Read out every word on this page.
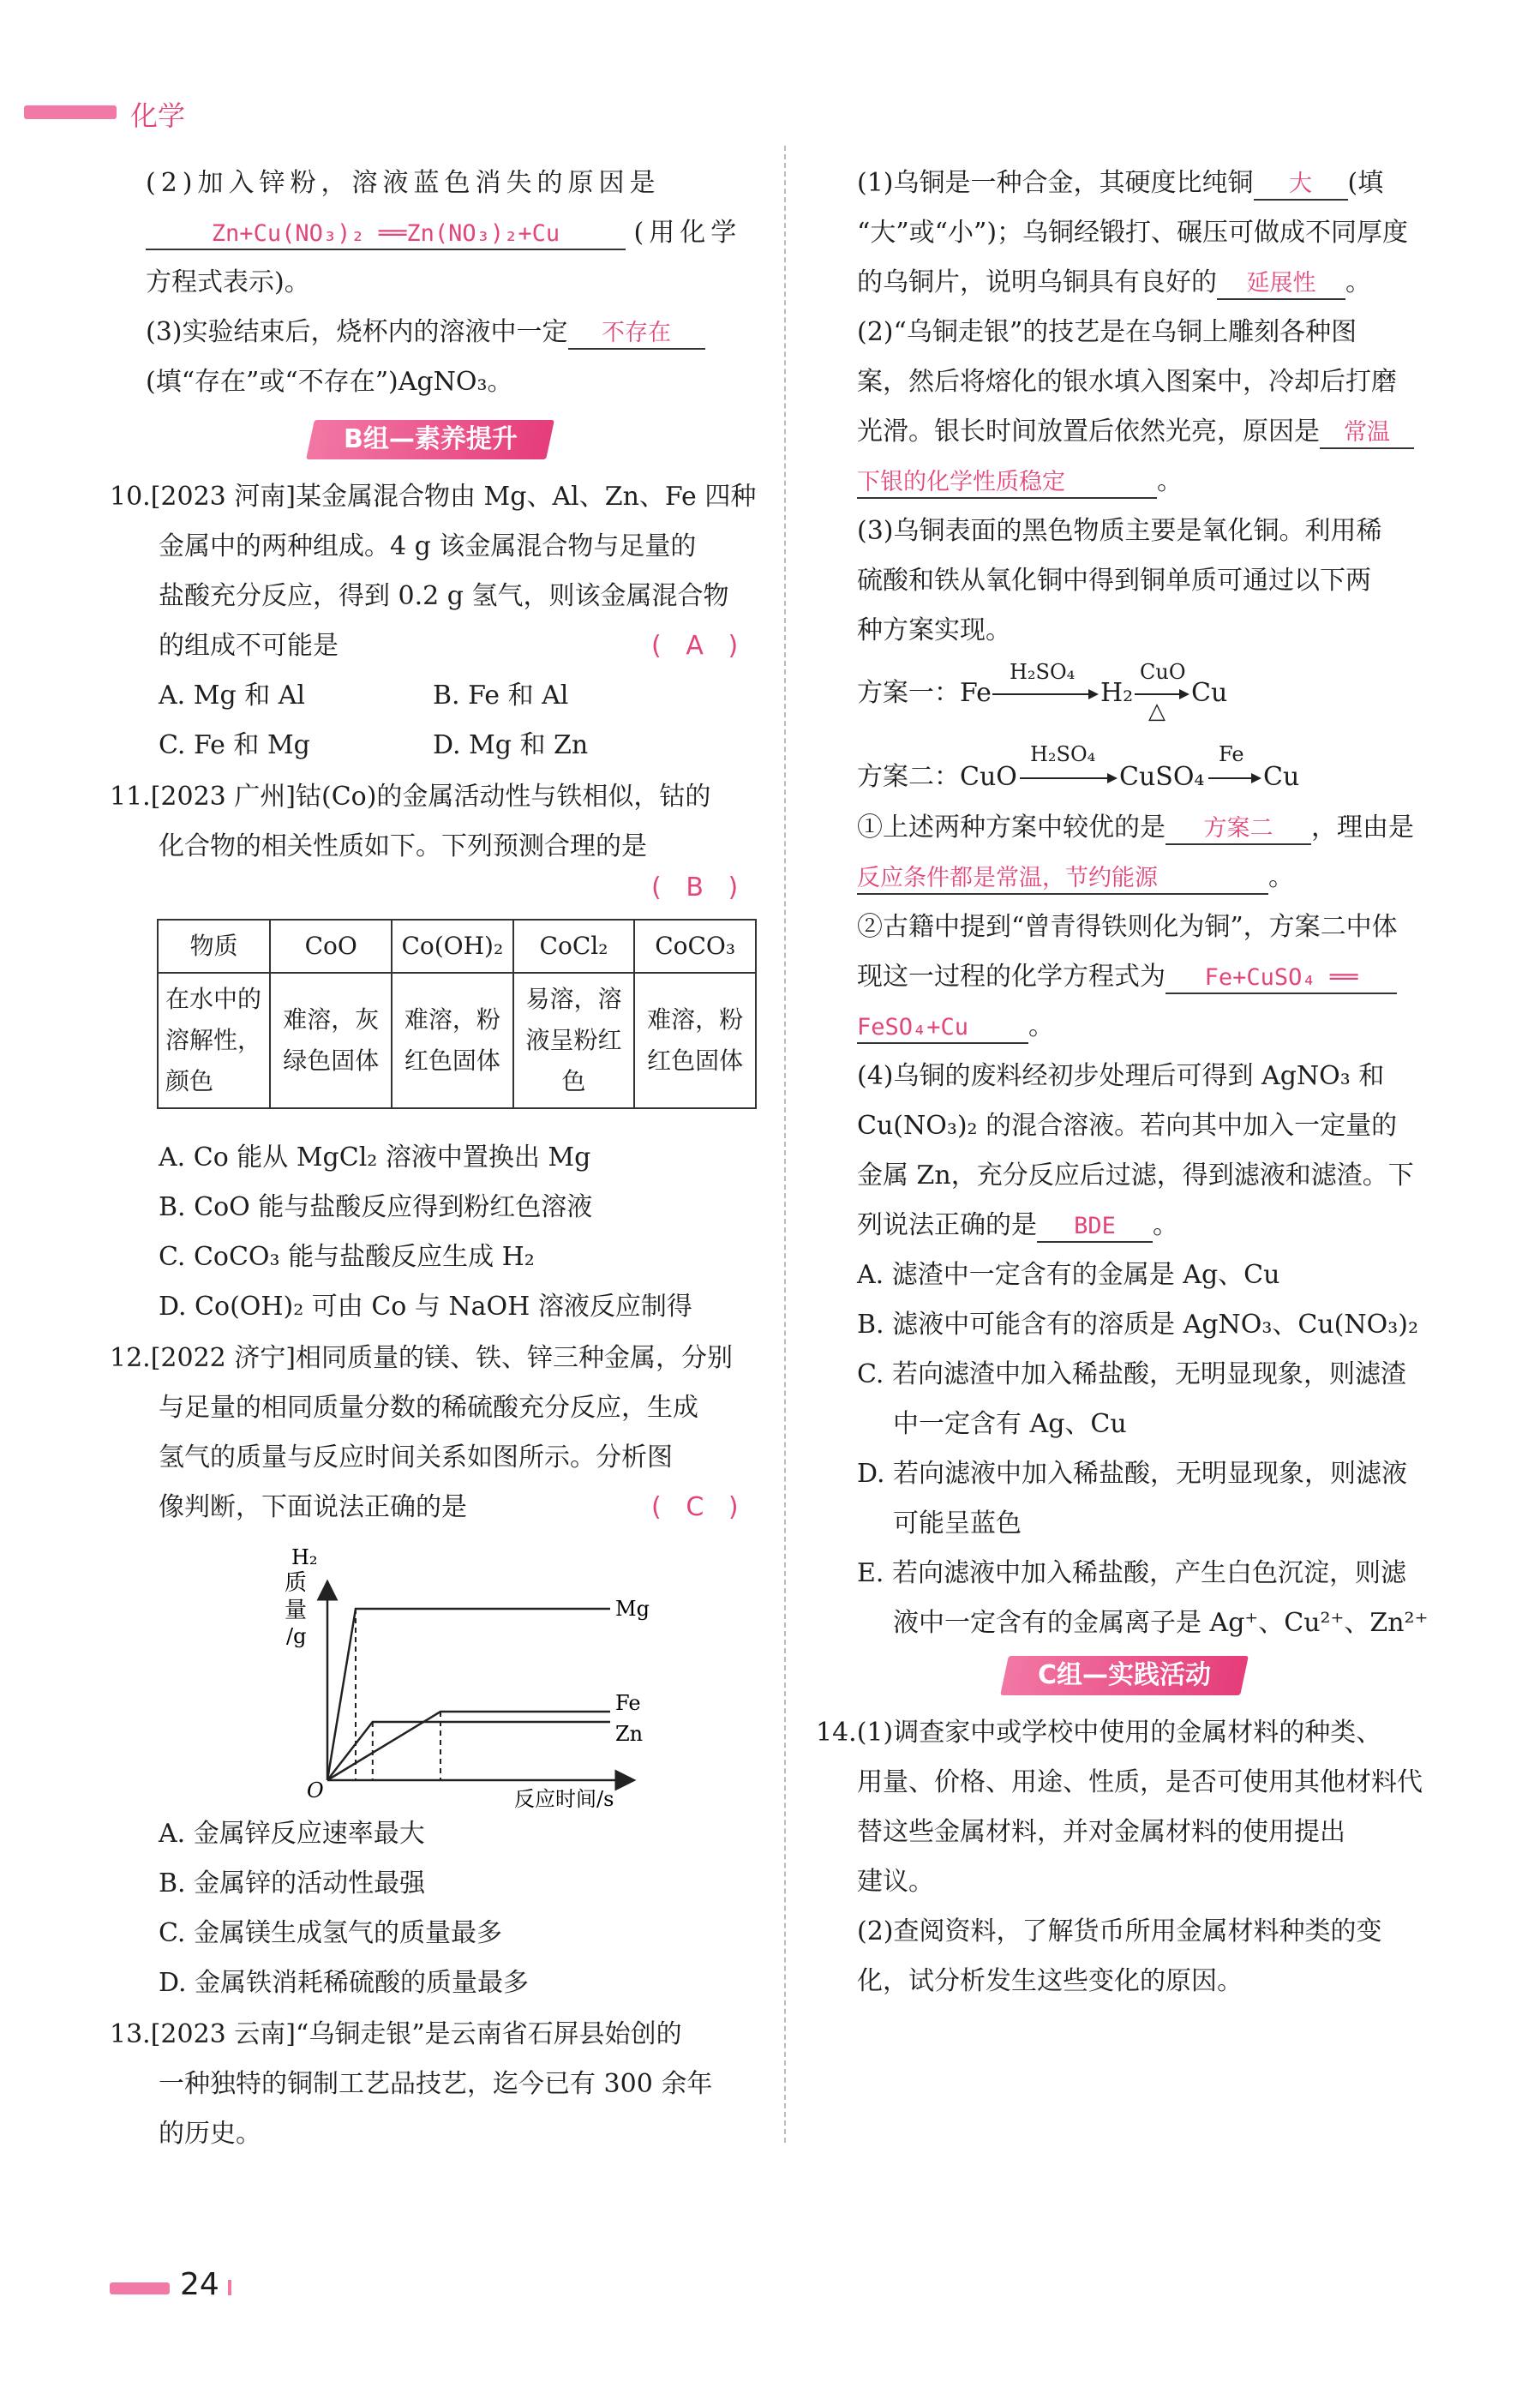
化学
(2)加入锌粉，溶液蓝色消失的原因是
Zn+Cu(NO₃)₂ ══Zn(NO₃)₂+Cu	(用化学
方程式表示)。
(3)实验结束后，烧杯内的溶液中一定 不存在
(填“存在”或“不存在”)AgNO₃。
B组—素养提升
10.[2023 河南]某金属混合物由 Mg、Al、Zn、Fe 四种
金属中的两种组成。4 g 该金属混合物与足量的
盐酸充分反应，得到 0.2 g 氢气，则该金属混合物
的组成不可能是	(   A   )
A. Mg 和 Al	B. Fe 和 Al
C. Fe 和 Mg	D. Mg 和 Zn
11.[2023 广州]钴(Co)的金属活动性与铁相似，钴的
化合物的相关性质如下。下列预测合理的是
(   B   )
物质	CoO	Co(OH)₂	CoCl₂	CoCO₃
在水中的溶解性，颜色	难溶，灰绿色固体	难溶，粉红色固体	易溶，溶液呈粉红色	难溶，粉红色固体
A. Co 能从 MgCl₂ 溶液中置换出 Mg
B. CoO 能与盐酸反应得到粉红色溶液
C. CoCO₃ 能与盐酸反应生成 H₂
D. Co(OH)₂ 可由 Co 与 NaOH 溶液反应制得
12.[2022 济宁]相同质量的镁、铁、锌三种金属，分别
与足量的相同质量分数的稀硫酸充分反应，生成
氢气的质量与反应时间关系如图所示。分析图
像判断，下面说法正确的是	(   C   )
H₂
质
量
/g
O	反应时间/s
Mg
Fe
Zn
A. 金属锌反应速率最大
B. 金属锌的活动性最强
C. 金属镁生成氢气的质量最多
D. 金属铁消耗稀硫酸的质量最多
13.[2023 云南]“乌铜走银”是云南省石屏县始创的
一种独特的铜制工艺品技艺，迄今已有 300 余年
的历史。
(1)乌铜是一种合金，其硬度比纯铜 大 (填
“大”或“小”)；乌铜经锻打、碾压可做成不同厚度
的乌铜片，说明乌铜具有良好的 延展性 。
(2)“乌铜走银”的技艺是在乌铜上雕刻各种图
案，然后将熔化的银水填入图案中，冷却后打磨
光滑。银长时间放置后依然光亮，原因是 常温
下银的化学性质稳定	。
(3)乌铜表面的黑色物质主要是氧化铜。利用稀
硫酸和铁从氧化铜中得到铜单质可通过以下两
种方案实现。
方案一：Fe
H₂SO₄
H₂
CuO
△
Cu
方案二：CuO
H₂SO₄
CuSO₄
Fe
Cu
①上述两种方案中较优的是 方案二 ，理由是
反应条件都是常温，节约能源	。
②古籍中提到“曾青得铁则化为铜”，方案二中体
现这一过程的化学方程式为 Fe+CuSO₄ ══
FeSO₄+Cu 。
(4)乌铜的废料经初步处理后可得到 AgNO₃ 和
Cu(NO₃)₂ 的混合溶液。若向其中加入一定量的
金属 Zn，充分反应后过滤，得到滤液和滤渣。下
列说法正确的是 BDE 。
A. 滤渣中一定含有的金属是 Ag、Cu
B. 滤液中可能含有的溶质是 AgNO₃、Cu(NO₃)₂
C. 若向滤渣中加入稀盐酸，无明显现象，则滤渣
中一定含有 Ag、Cu
D. 若向滤液中加入稀盐酸，无明显现象，则滤液
可能呈蓝色
E. 若向滤液中加入稀盐酸，产生白色沉淀，则滤
液中一定含有的金属离子是 Ag⁺、Cu²⁺、Zn²⁺
C组—实践活动
14.(1)调查家中或学校中使用的金属材料的种类、
用量、价格、用途、性质，是否可使用其他材料代
替这些金属材料，并对金属材料的使用提出
建议。
(2)查阅资料，了解货币所用金属材料种类的变
化，试分析发生这些变化的原因。
24
